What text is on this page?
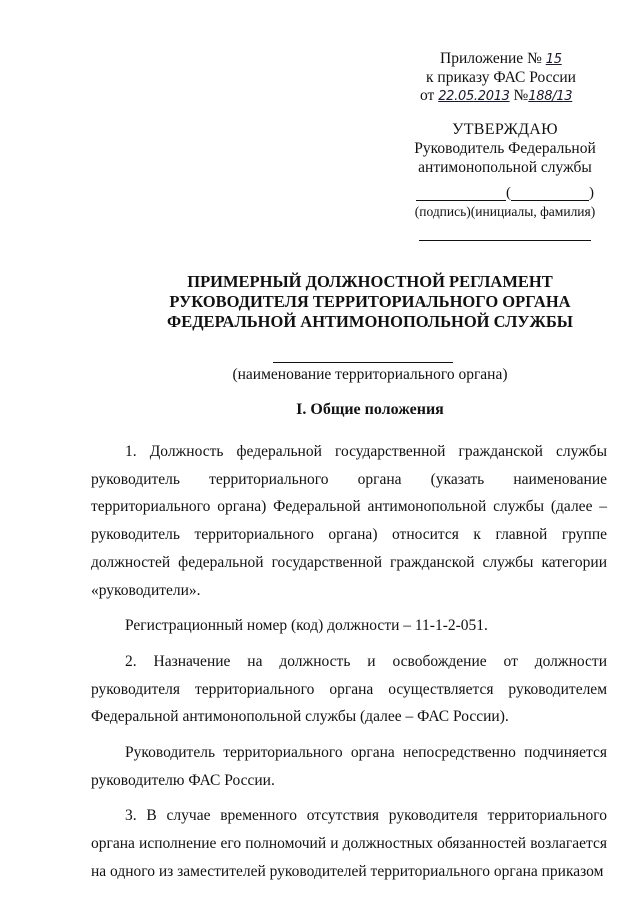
Приложение № 15
к приказу ФАС России
от 22.05.2013 №188/13
УТВЕРЖДАЮ
Руководитель Федеральной
антимонопольной службы
(	)
(подпись)(инициалы, фамилия)
ПРИМЕРНЫЙ ДОЛЖНОСТНОЙ РЕГЛАМЕНТ
РУКОВОДИТЕЛЯ ТЕРРИТОРИАЛЬНОГО ОРГАНА
ФЕДЕРАЛЬНОЙ АНТИМОНОПОЛЬНОЙ СЛУЖБЫ
(наименование территориального органа)
I. Общие положения

1. Должность федеральной государственной гражданской службы руководитель территориального органа (указать наименование территориального органа) Федеральной антимонопольной службы (далее – руководитель территориального органа) относится к главной группе должностей федеральной государственной гражданской службы категории «руководители».

Регистрационный номер (код) должности – 11-1-2-051.

2. Назначение на должность и освобождение от должности руководителя территориального органа осуществляется руководителем Федеральной антимонопольной службы (далее – ФАС России).

Руководитель территориального органа непосредственно подчиняется руководителю ФАС России.

3. В случае временного отсутствия руководителя территориального органа исполнение его полномочий и должностных обязанностей возлагается на одного из заместителей руководителей территориального органа приказом
